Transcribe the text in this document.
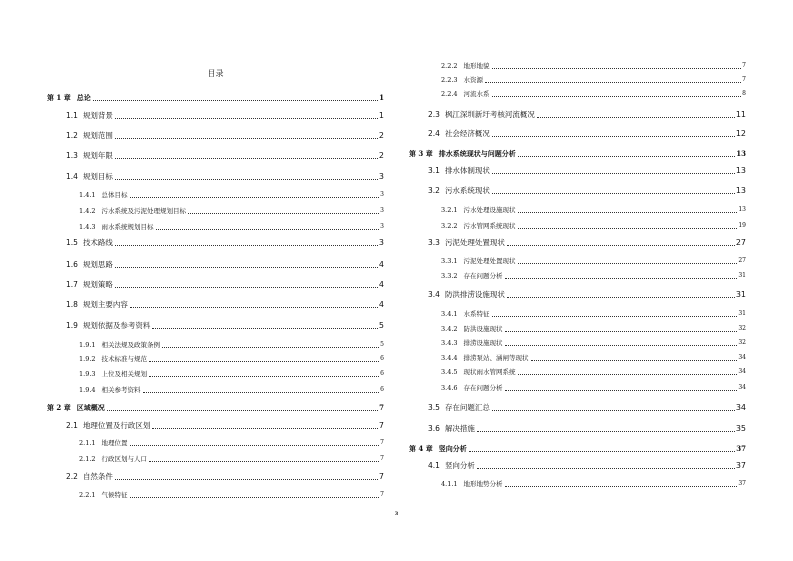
目录
第 1 章 总论	1
1.1 规划背景	1
1.2 规划范围	2
1.3 规划年限	2
1.4 规划目标	3
1.4.1 总体目标	3
1.4.2 污水系统及污泥处理规划目标	3
1.4.3 雨水系统规划目标	3
1.5 技术路线	3
1.6 规划思路	4
1.7 规划策略	4
1.8 规划主要内容	4
1.9 规划依据及参考资料	5
1.9.1 相关法规及政策条例	5
1.9.2 技术标准与规范	6
1.9.3 上位及相关规划	6
1.9.4 相关参考资料	6
第 2 章 区域概况	7
2.1 地理位置及行政区划	7
2.1.1 地理位置	7
2.1.2 行政区划与人口	7
2.2 自然条件	7
2.2.1 气候特征	7
2.2.2 地形地貌	7
2.2.3 水资源	7
2.2.4 河流水系	8
2.3 枫江深圳新圩考核河流概况	11
2.4 社会经济概况	12
第 3 章 排水系统现状与问题分析	13
3.1 排水体制现状	13
3.2 污水系统现状	13
3.2.1 污水处理设施现状	13
3.2.2 污水管网系统现状	19
3.3 污泥处理处置现状	27
3.3.1 污泥处理处置现状	27
3.3.2 存在问题分析	31
3.4 防洪排涝设施现状	31
3.4.1 水系特征	31
3.4.2 防洪设施现状	32
3.4.3 排涝设施现状	32
3.4.4 排涝泵站、涵闸等现状	34
3.4.5 现状雨水管网系统	34
3.4.6 存在问题分析	34
3.5 存在问题汇总	34
3.6 解决措施	35
第 4 章 竖向分析	37
4.1 竖向分析	37
4.1.1 地形地势分析	37
3
